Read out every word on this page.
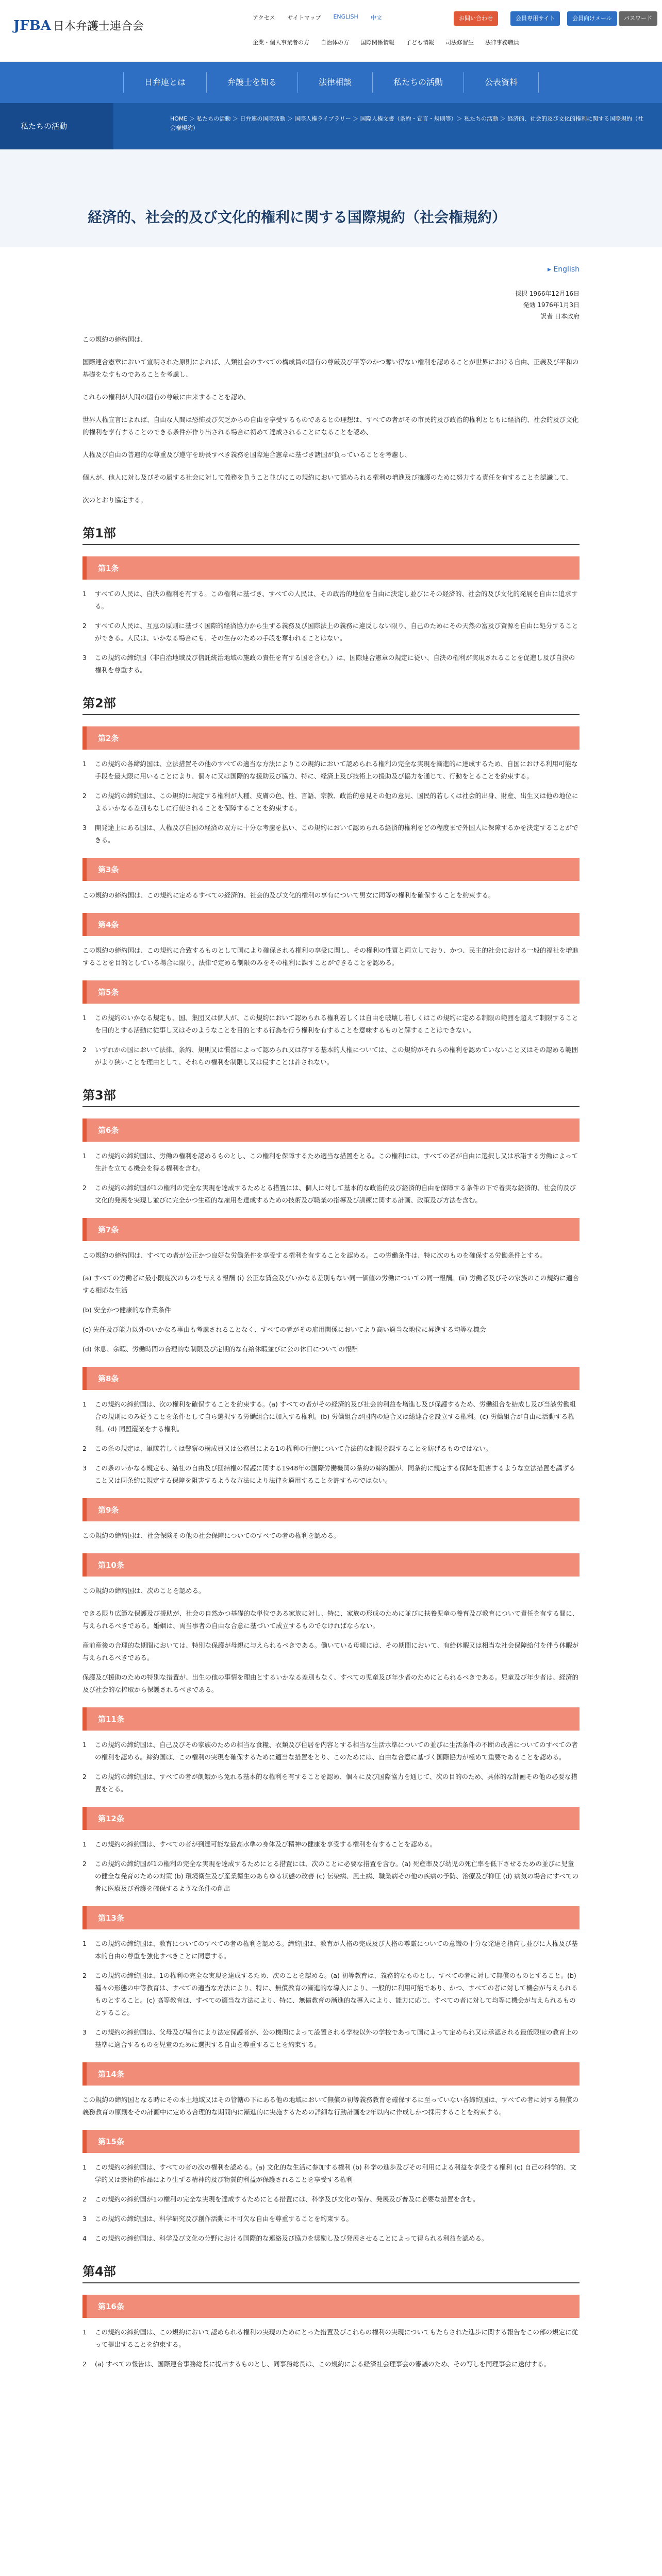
JFBA 日本弁護士連合会
アクセス サイトマップ ENGLISH 中文
企業・個人事業者の方 自治体の方 国際関係情報 子ども情報 司法修習生 法律事務職員
お問い合わせ	会員専用サイト	会員向けメール	パスワード
日弁連とは	弁護士を知る	法律相談	私たちの活動	公表資料
私たちの活動
HOME ＞ 私たちの活動 ＞ 日弁連の国際活動 ＞ 国際人権ライブラリー ＞ 国際人権文書（条約・宣言・規則等）＞ 私たちの活動 ＞ 経済的、社会的及び文化的権利に関する国際規約（社会権規約）
経済的、社会的及び文化的権利に関する国際規約（社会権規約）
▸ English
採択 1966年12月16日
発効 1976年1月3日
訳者 日本政府

この規約の締約国は、

国際連合憲章において宣明された原則によれば、人類社会のすべての構成員の固有の尊厳及び平等のかつ奪い得ない権利を認めることが世界における自由、正義及び平和の基礎をなすものであることを考慮し、

これらの権利が人間の固有の尊厳に由来することを認め、

世界人権宣言によれば、自由な人間は恐怖及び欠乏からの自由を享受するものであるとの理想は、すべての者がその市民的及び政治的権利とともに経済的、社会的及び文化的権利を享有することのできる条件が作り出される場合に初めて達成されることになることを認め、

人権及び自由の普遍的な尊重及び遵守を助長すべき義務を国際連合憲章に基づき諸国が負っていることを考慮し、

個人が、他人に対し及びその属する社会に対して義務を負うこと並びにこの規約において認められる権利の増進及び擁護のために努力する責任を有することを認識して、

次のとおり協定する。

第1部
第1条
1 すべての人民は、自決の権利を有する。この権利に基づき、すべての人民は、その政治的地位を自由に決定し並びにその経済的、社会的及び文化的発展を自由に追求する。
2 すべての人民は、互恵の原則に基づく国際的経済協力から生ずる義務及び国際法上の義務に違反しない限り、自己のためにその天然の富及び資源を自由に処分することができる。人民は、いかなる場合にも、その生存のための手段を奪われることはない。
3 この規約の締約国（非自治地域及び信託統治地域の施政の責任を有する国を含む。）は、国際連合憲章の規定に従い、自決の権利が実現されることを促進し及び自決の権利を尊重する。
第2部
第2条
1 この規約の各締約国は、立法措置その他のすべての適当な方法によりこの規約において認められる権利の完全な実現を漸進的に達成するため、自国における利用可能な手段を最大限に用いることにより、個々に又は国際的な援助及び協力、特に、経済上及び技術上の援助及び協力を通じて、行動をとることを約束する。
2 この規約の締約国は、この規約に規定する権利が人種、皮膚の色、性、言語、宗教、政治的意見その他の意見、国民的若しくは社会的出身、財産、出生又は他の地位によるいかなる差別もなしに行使されることを保障することを約束する。
3 開発途上にある国は、人権及び自国の経済の双方に十分な考慮を払い、この規約において認められる経済的権利をどの程度まで外国人に保障するかを決定することができる。
第3条
この規約の締約国は、この規約に定めるすべての経済的、社会的及び文化的権利の享有について男女に同等の権利を確保することを約束する。
第4条
この規約の締約国は、この規約に合致するものとして国により確保される権利の享受に関し、その権利の性質と両立しており、かつ、民主的社会における一般的福祉を増進することを目的としている場合に限り、法律で定める制限のみをその権利に課すことができることを認める。
第5条
1 この規約のいかなる規定も、国、集団又は個人が、この規約において認められる権利若しくは自由を破壊し若しくはこの規約に定める制限の範囲を超えて制限することを目的とする活動に従事し又はそのようなことを目的とする行為を行う権利を有することを意味するものと解することはできない。
2 いずれかの国において法律、条約、規則又は慣習によって認められ又は存する基本的人権については、この規約がそれらの権利を認めていないこと又はその認める範囲がより狭いことを理由として、それらの権利を制限し又は侵すことは許されない。
第3部
第6条
1 この規約の締約国は、労働の権利を認めるものとし、この権利を保障するため適当な措置をとる。この権利には、すべての者が自由に選択し又は承諾する労働によって生計を立てる機会を得る権利を含む。
2 この規約の締約国が1の権利の完全な実現を達成するためとる措置には、個人に対して基本的な政治的及び経済的自由を保障する条件の下で着実な経済的、社会的及び文化的発展を実現し並びに完全かつ生産的な雇用を達成するための技術及び職業の指導及び訓練に関する計画、政策及び方法を含む。
第7条

この規約の締約国は、すべての者が公正かつ良好な労働条件を享受する権利を有することを認める。この労働条件は、特に次のものを確保する労働条件とする。

(a) すべての労働者に最小限度次のものを与える報酬 (i) 公正な賃金及びいかなる差別もない同一価値の労働についての同一報酬。(ii) 労働者及びその家族のこの規約に適合する相応な生活
(b) 安全かつ健康的な作業条件
(c) 先任及び能力以外のいかなる事由も考慮されることなく、すべての者がその雇用関係においてより高い適当な地位に昇進する均等な機会
(d) 休息、余暇、労働時間の合理的な制限及び定期的な有給休暇並びに公の休日についての報酬
第8条
1 この規約の締約国は、次の権利を確保することを約束する。(a) すべての者がその経済的及び社会的利益を増進し及び保護するため、労働組合を結成し及び当該労働組合の規則にのみ従うことを条件として自ら選択する労働組合に加入する権利。(b) 労働組合が国内の連合又は総連合を設立する権利。(c) 労働組合が自由に活動する権利。(d) 同盟罷業をする権利。
2 この条の規定は、軍隊若しくは警察の構成員又は公務員による1の権利の行使について合法的な制限を課することを妨げるものではない。
3 この条のいかなる規定も、結社の自由及び団結権の保護に関する1948年の国際労働機関の条約の締約国が、同条約に規定する保障を阻害するような立法措置を講ずること又は同条約に規定する保障を阻害するような方法により法律を適用することを許すものではない。
第9条
この規約の締約国は、社会保険その他の社会保障についてのすべての者の権利を認める。
第10条

この規約の締約国は、次のことを認める。

できる限り広範な保護及び援助が、社会の自然かつ基礎的な単位である家族に対し、特に、家族の形成のために並びに扶養児童の養育及び教育について責任を有する間に、与えられるべきである。婚姻は、両当事者の自由な合意に基づいて成立するものでなければならない。
産前産後の合理的な期間においては、特別な保護が母親に与えられるべきである。働いている母親には、その期間において、有給休暇又は相当な社会保障給付を伴う休暇が与えられるべきである。
保護及び援助のための特別な措置が、出生の他の事情を理由とするいかなる差別もなく、すべての児童及び年少者のためにとられるべきである。児童及び年少者は、経済的及び社会的な搾取から保護されるべきである。
第11条
1 この規約の締約国は、自己及びその家族のための相当な食糧、衣類及び住居を内容とする相当な生活水準についての並びに生活条件の不断の改善についてのすべての者の権利を認める。締約国は、この権利の実現を確保するために適当な措置をとり、このためには、自由な合意に基づく国際協力が極めて重要であることを認める。
2 この規約の締約国は、すべての者が飢餓から免れる基本的な権利を有することを認め、個々に及び国際協力を通じて、次の目的のため、具体的な計画その他の必要な措置をとる。
第12条
1 この規約の締約国は、すべての者が到達可能な最高水準の身体及び精神の健康を享受する権利を有することを認める。
2 この規約の締約国が1の権利の完全な実現を達成するためにとる措置には、次のことに必要な措置を含む。(a) 死産率及び幼児の死亡率を低下させるための並びに児童の健全な発育のための対策 (b) 環境衛生及び産業衛生のあらゆる状態の改善 (c) 伝染病、風土病、職業病その他の疾病の予防、治療及び抑圧 (d) 病気の場合にすべての者に医療及び看護を確保するような条件の創出
第13条
1 この規約の締約国は、教育についてのすべての者の権利を認める。締約国は、教育が人格の完成及び人格の尊厳についての意識の十分な発達を指向し並びに人権及び基本的自由の尊重を強化すべきことに同意する。
2 この規約の締約国は、1の権利の完全な実現を達成するため、次のことを認める。(a) 初等教育は、義務的なものとし、すべての者に対して無償のものとすること。(b) 種々の形態の中等教育は、すべての適当な方法により、特に、無償教育の漸進的な導入により、一般的に利用可能であり、かつ、すべての者に対して機会が与えられるものとすること。(c) 高等教育は、すべての適当な方法により、特に、無償教育の漸進的な導入により、能力に応じ、すべての者に対して均等に機会が与えられるものとすること。
3 この規約の締約国は、父母及び場合により法定保護者が、公の機関によって設置される学校以外の学校であって国によって定められ又は承認される最低限度の教育上の基準に適合するものを児童のために選択する自由を尊重することを約束する。
第14条
この規約の締約国となる時にその本土地域又はその管轄の下にある他の地域において無償の初等義務教育を確保するに至っていない各締約国は、すべての者に対する無償の義務教育の原則をその計画中に定める合理的な期間内に漸進的に実施するための詳細な行動計画を2年以内に作成しかつ採用することを約束する。
第15条
1 この規約の締約国は、すべての者の次の権利を認める。(a) 文化的な生活に参加する権利 (b) 科学の進歩及びその利用による利益を享受する権利 (c) 自己の科学的、文学的又は芸術的作品により生ずる精神的及び物質的利益が保護されることを享受する権利
2 この規約の締約国が1の権利の完全な実現を達成するためにとる措置には、科学及び文化の保存、発展及び普及に必要な措置を含む。
3 この規約の締約国は、科学研究及び創作活動に不可欠な自由を尊重することを約束する。
4 この規約の締約国は、科学及び文化の分野における国際的な連絡及び協力を奨励し及び発展させることによって得られる利益を認める。
第4部
第16条
1 この規約の締約国は、この規約において認められる権利の実現のためにとった措置及びこれらの権利の実現についてもたらされた進歩に関する報告をこの部の規定に従って提出することを約束する。
2 (a) すべての報告は、国際連合事務総長に提出するものとし、同事務総長は、この規約による経済社会理事会の審議のため、その写しを同理事会に送付する。
